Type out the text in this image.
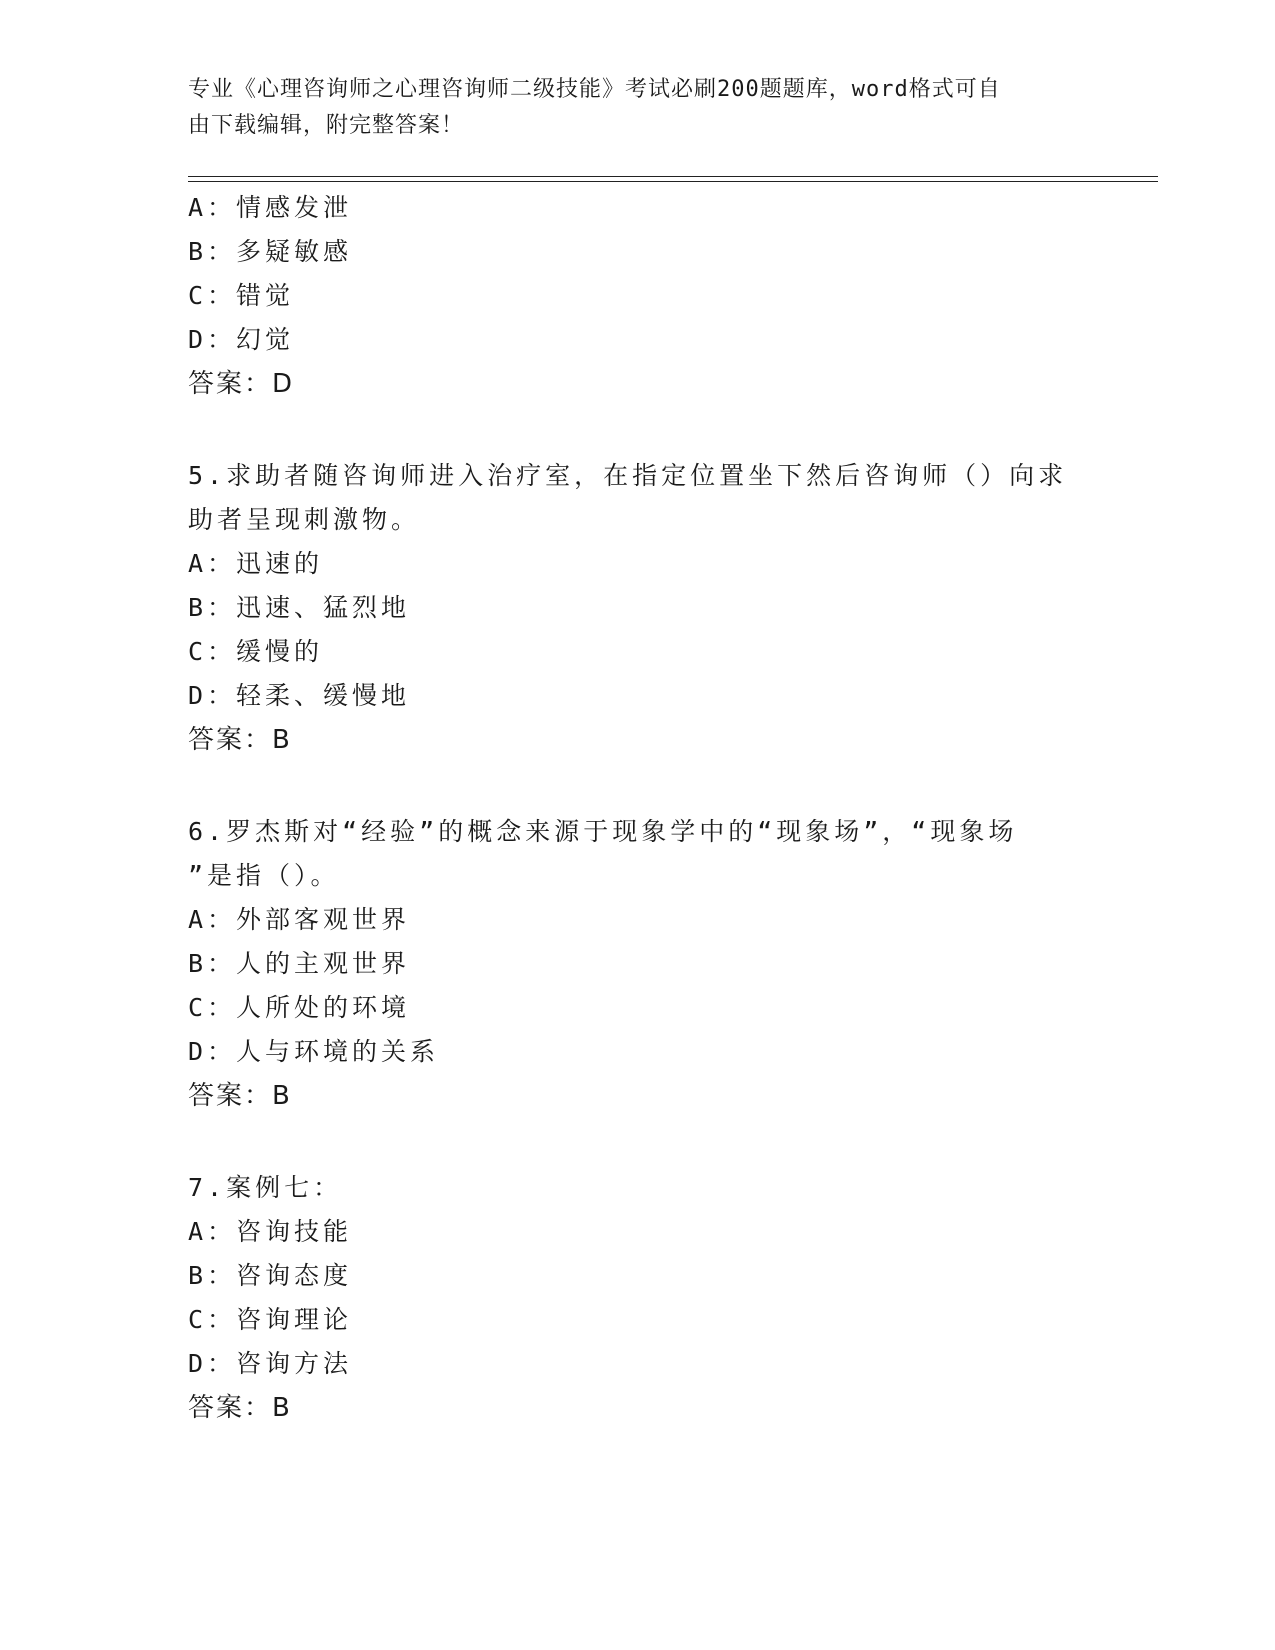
专业《心理咨询师之心理咨询师二级技能》考试必刷200题题库，word格式可自
由下载编辑，附完整答案！
A：情感发泄
B：多疑敏感
C：错觉
D：幻觉
答案：D
5.求助者随咨询师进入治疗室，在指定位置坐下然后咨询师（）向求
助者呈现刺激物。
A：迅速的
B：迅速、猛烈地
C：缓慢的
D：轻柔、缓慢地
答案：B
6.罗杰斯对“经验”的概念来源于现象学中的“现象场”，“现象场
”是指（）。
A：外部客观世界
B：人的主观世界
C：人所处的环境
D：人与环境的关系
答案：B
7.案例七：
A：咨询技能
B：咨询态度
C：咨询理论
D：咨询方法
答案：B
